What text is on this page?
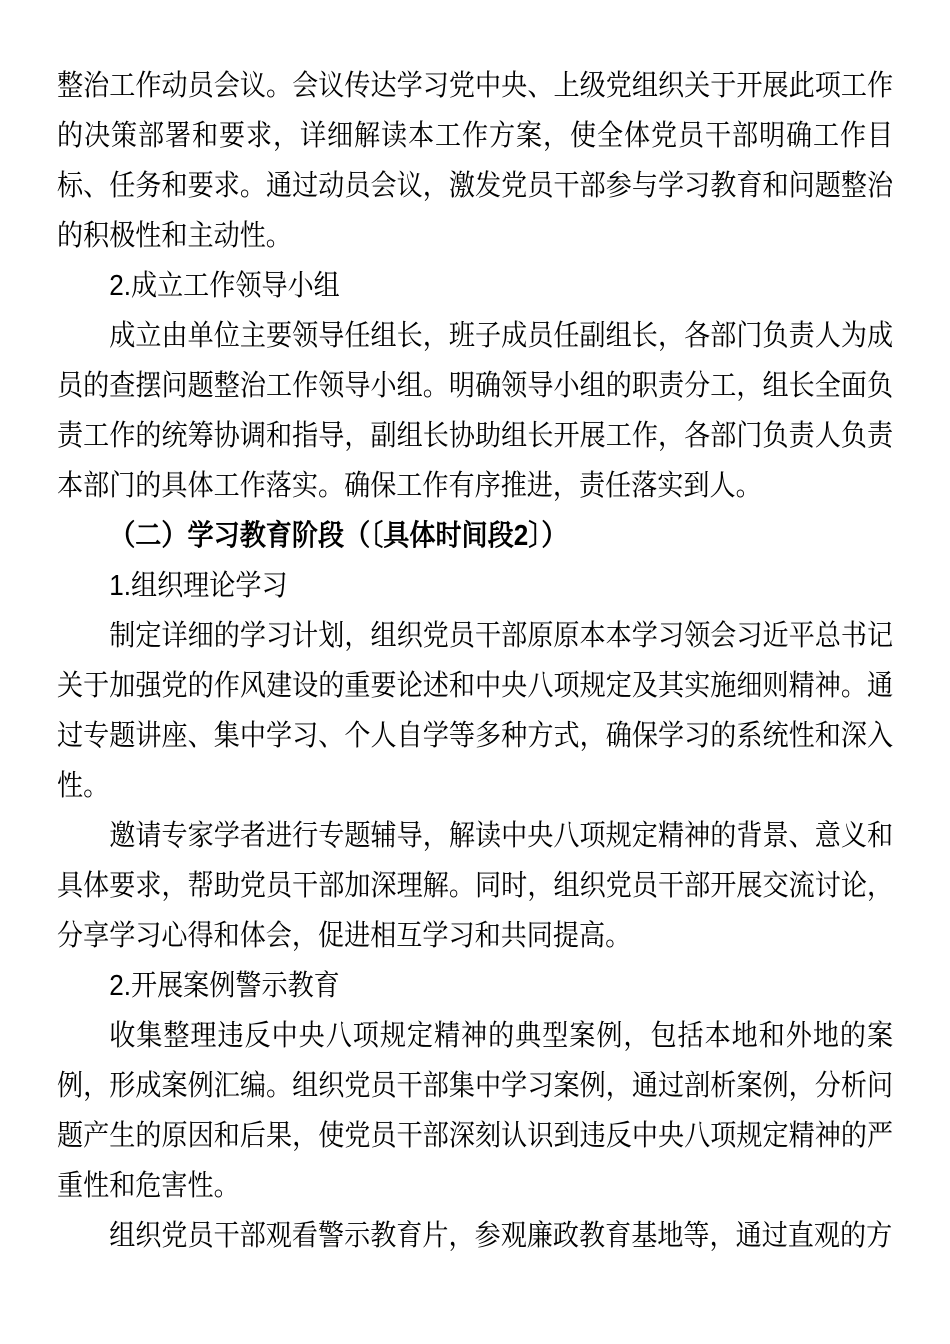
整治工作动员会议。会议传达学习党中央、上级党组织关于开展此项工作的决策部署和要求，详细解读本工作方案，使全体党员干部明确工作目标、任务和要求。通过动员会议，激发党员干部参与学习教育和问题整治的积极性和主动性。

2.成立工作领导小组

成立由单位主要领导任组长，班子成员任副组长，各部门负责人为成员的查摆问题整治工作领导小组。明确领导小组的职责分工，组长全面负责工作的统筹协调和指导，副组长协助组长开展工作，各部门负责人负责本部门的具体工作落实。确保工作有序推进，责任落实到人。

（二）学习教育阶段（〔具体时间段2〕）

1.组织理论学习

制定详细的学习计划，组织党员干部原原本本学习领会习近平总书记关于加强党的作风建设的重要论述和中央八项规定及其实施细则精神。通过专题讲座、集中学习、个人自学等多种方式，确保学习的系统性和深入性。

邀请专家学者进行专题辅导，解读中央八项规定精神的背景、意义和具体要求，帮助党员干部加深理解。同时，组织党员干部开展交流讨论，分享学习心得和体会，促进相互学习和共同提高。

2.开展案例警示教育

收集整理违反中央八项规定精神的典型案例，包括本地和外地的案例，形成案例汇编。组织党员干部集中学习案例，通过剖析案例，分析问题产生的原因和后果，使党员干部深刻认识到违反中央八项规定精神的严重性和危害性。

组织党员干部观看警示教育片，参观廉政教育基地等，通过直观的方
